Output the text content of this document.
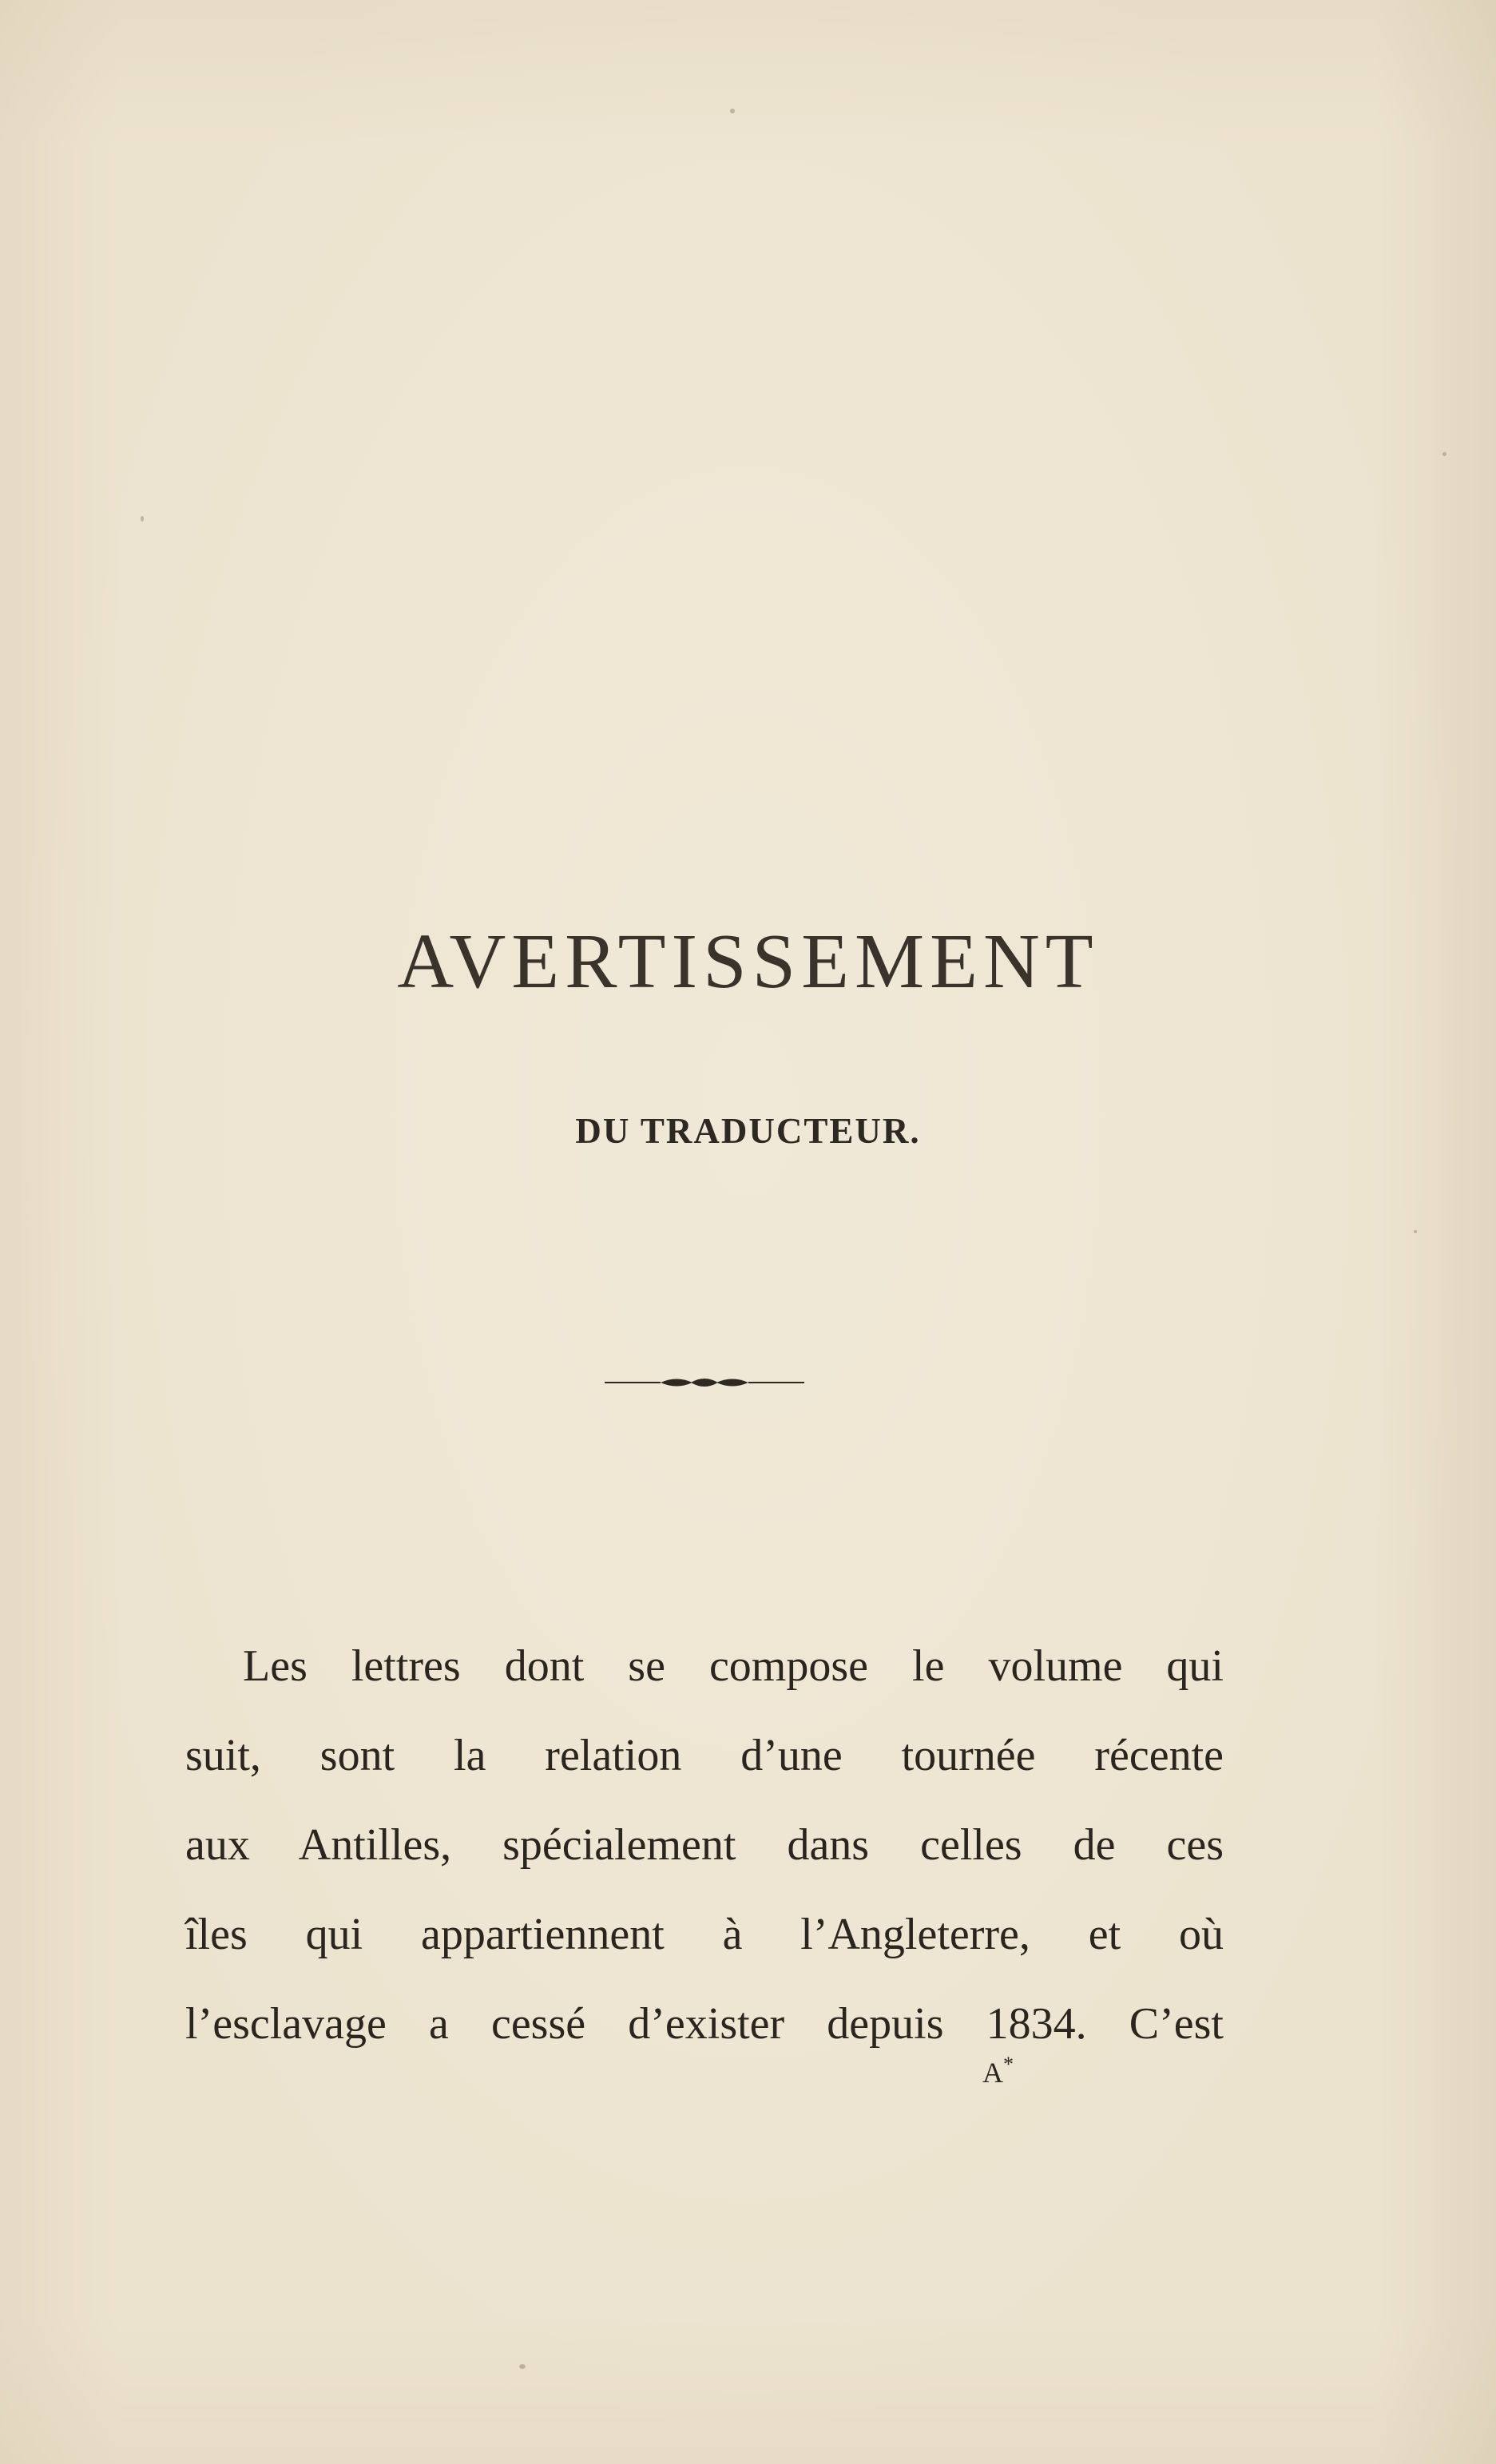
AVERTISSEMENT
DU TRADUCTEUR.
Les lettres dont se compose le volume qui
suit, sont la relation d’une tournée récente
aux Antilles, spécialement dans celles de ces
îles qui appartiennent à l’Angleterre, et où
l’esclavage a cessé d’exister depuis 1834. C’est
A*
